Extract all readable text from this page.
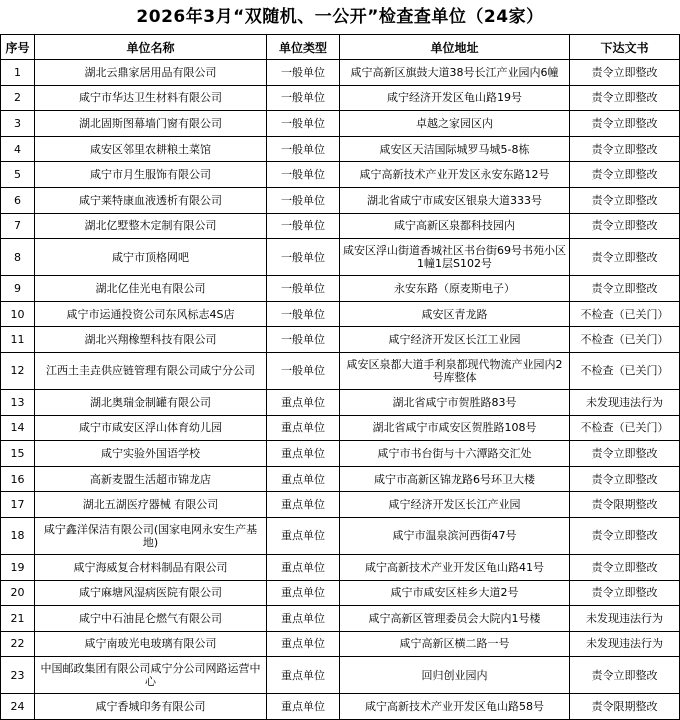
2026年3月“双随机、一公开”检查查单位（24家）
序号	单位名称	单位类型	单位地址	下达文书
1	湖北云鼎家居用品有限公司	一般单位	咸宁高新区旗鼓大道38号长江产业园内6幢	责令立即整改
2	咸宁市华达卫生材料有限公司	一般单位	咸宁经济开发区龟山路19号	责令立即整改
3	湖北固斯图幕墙门窗有限公司	一般单位	卓越之家园区内	责令立即整改
4	咸安区邻里农耕粮土菜馆	一般单位	咸安区天洁国际城罗马城5-8栋	责令立即整改
5	咸宁市月生服饰有限公司	一般单位	咸宁高新技术产业开发区永安东路12号	责令立即整改
6	咸宁莱特康血液透析有限公司	一般单位	湖北省咸宁市咸安区银泉大道333号	责令立即整改
7	湖北亿墅整木定制有限公司	一般单位	咸宁高新区泉都科技园内	责令立即整改
8	咸宁市顶格网吧	一般单位	咸安区浮山街道香城社区书台街69号书苑小区1幢1层S102号	责令立即整改
9	湖北亿佳光电有限公司	一般单位	永安东路（原麦斯电子）	责令立即整改
10	咸宁市运通投资公司东风标志4S店	一般单位	咸安区青龙路	不检查（已关门）
11	湖北兴翔橡塑科技有限公司	一般单位	咸宁经济开发区长江工业园	不检查（已关门）
12	江西土圭垚供应链管理有限公司咸宁分公司	一般单位	咸安区泉都大道手利泉都现代物流产业园内2号库整体	不检查（已关门）
13	湖北奥瑞金制罐有限公司	重点单位	湖北省咸宁市贺胜路83号	未发现违法行为
14	咸宁市咸安区浮山体育幼儿园	重点单位	湖北省咸宁市咸安区贺胜路108号	不检查（已关门）
15	咸宁实验外国语学校	重点单位	咸宁市书台街与十六潭路交汇处	责令立即整改
16	高新麦盟生活超市锦龙店	重点单位	咸宁市高新区锦龙路6号环卫大楼	责令立即整改
17	湖北五湖医疗器械 有限公司	重点单位	咸宁经济开发区长江产业园	责令限期整改
18	咸宁鑫洋保洁有限公司(国家电网永安生产基地)	重点单位	咸宁市温泉滨河西街47号	责令立即整改
19	咸宁海威复合材料制品有限公司	重点单位	咸宁高新技术产业开发区龟山路41号	责令立即整改
20	咸宁麻塘风湿病医院有限公司	重点单位	咸宁市咸安区桂乡大道2号	责令立即整改
21	咸宁中石油昆仑燃气有限公司	重点单位	咸宁高新区管理委员会大院内1号楼	未发现违法行为
22	咸宁南玻光电玻璃有限公司	重点单位	咸宁高新区横二路一号	未发现违法行为
23	中国邮政集团有限公司咸宁分公司网路运营中心	重点单位	回归创业园内	责令立即整改
24	咸宁香城印务有限公司	重点单位	咸宁高新技术产业开发区龟山路58号	责令限期整改
